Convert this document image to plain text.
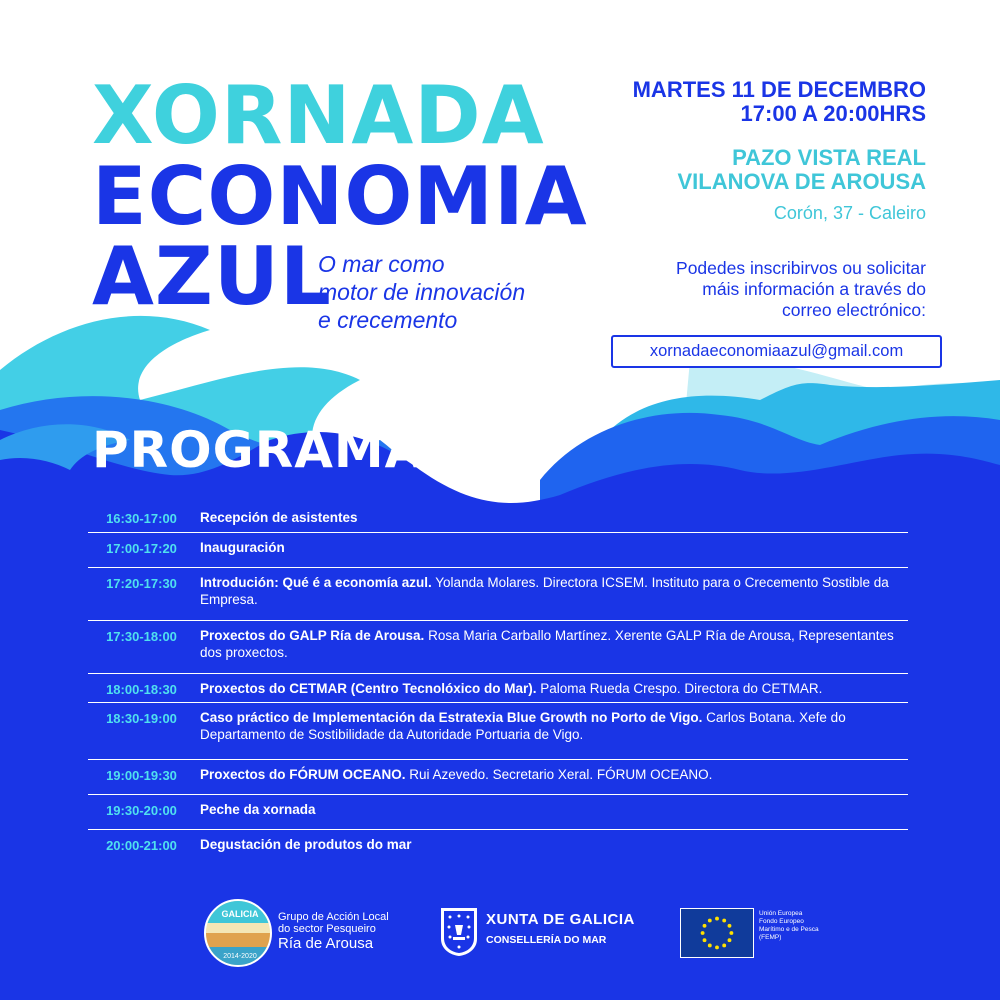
XORNADA
ECONOMIA
AZUL
O mar como
motor de innovación
e crecemento
MARTES 11 DE DECEMBRO
17:00 A 20:00HRS
PAZO VISTA REAL
VILANOVA DE AROUSA
Corón, 37 - Caleiro
Podedes inscribirvos ou solicitar
máis información a través do
correo electrónico:
xornadaeconomiaazul@gmail.com
PROGRAMA
16:30-17:00	Recepción de asistentes
17:00-17:20	Inauguración
17:20-17:30	Introdución: Qué é a economía azul. Yolanda Molares. Directora ICSEM. Instituto para o Crecemento Sostible da Empresa.
17:30-18:00	Proxectos do GALP Ría de Arousa. Rosa Maria Carballo Martínez. Xerente GALP Ría de Arousa, Representantes dos proxectos.
18:00-18:30	Proxectos do CETMAR (Centro Tecnolóxico do Mar). Paloma Rueda Crespo. Directora do CETMAR.
18:30-19:00	Caso práctico de Implementación da Estratexia Blue Growth no Porto de Vigo. Carlos Botana. Xefe do Departamento de Sostibilidade da Autoridade Portuaria de Vigo.
19:00-19:30	Proxectos do FÓRUM OCEANO. Rui Azevedo. Secretario Xeral. FÓRUM OCEANO.
19:30-20:00	Peche da xornada
20:00-21:00	Degustación de produtos do mar
GALICIA
2014-2020
Grupo de Acción Local
do sector Pesqueiro
Ría de Arousa
XUNTA DE GALICIA
CONSELLERÍA DO MAR
Unión Europea
Fondo Europeo
Marítimo e de Pesca
(FEMP)
